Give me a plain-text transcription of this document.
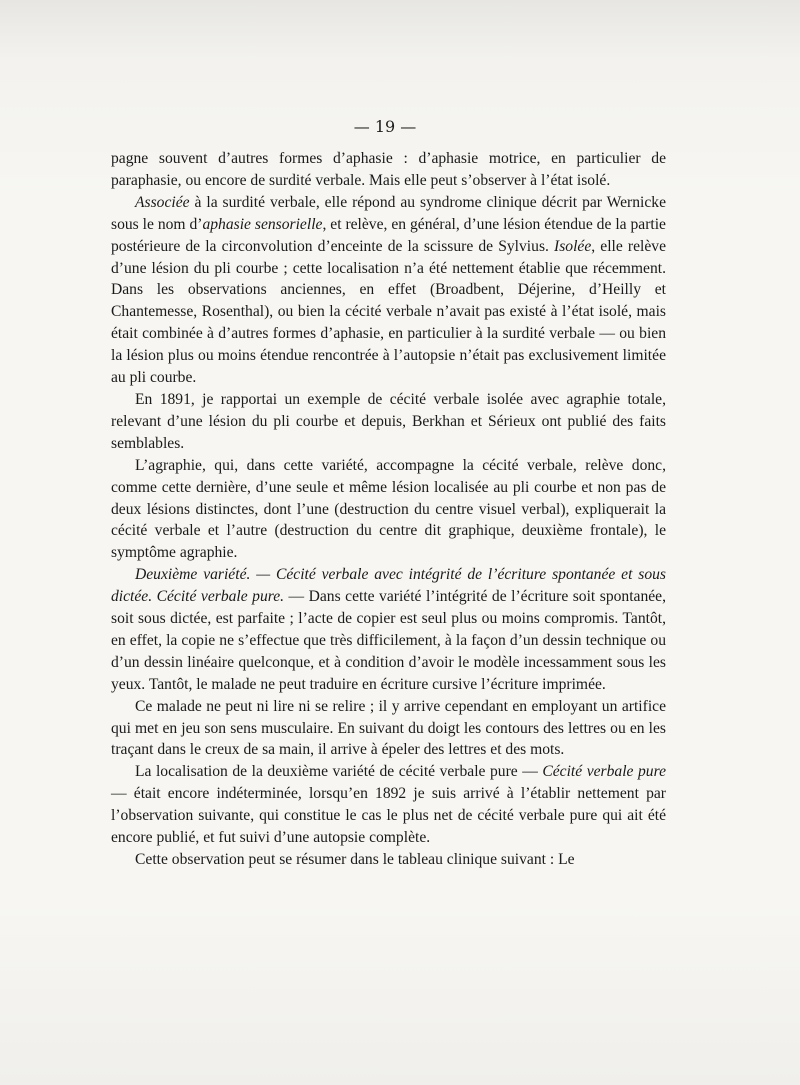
— 19 —

pagne souvent d’autres formes d’aphasie : d’aphasie motrice, en particulier de paraphasie, ou encore de surdité verbale. Mais elle peut s’observer à l’état isolé.

Associée à la surdité verbale, elle répond au syndrome clinique décrit par Wernicke sous le nom d’aphasie sensorielle, et relève, en général, d’une lésion étendue de la partie postérieure de la circonvolution d’enceinte de la scissure de Sylvius. Isolée, elle relève d’une lésion du pli courbe ; cette localisation n’a été nettement établie que récemment. Dans les observations anciennes, en effet (Broadbent, Déjerine, d’Heilly et Chantemesse, Rosenthal), ou bien la cécité verbale n’avait pas existé à l’état isolé, mais était combinée à d’autres formes d’aphasie, en particulier à la surdité verbale — ou bien la lésion plus ou moins étendue rencontrée à l’autopsie n’était pas exclusivement limitée au pli courbe.

En 1891, je rapportai un exemple de cécité verbale isolée avec agraphie totale, relevant d’une lésion du pli courbe et depuis, Berkhan et Sérieux ont publié des faits semblables.

L’agraphie, qui, dans cette variété, accompagne la cécité verbale, relève donc, comme cette dernière, d’une seule et même lésion localisée au pli courbe et non pas de deux lésions distinctes, dont l’une (destruction du centre visuel verbal), expliquerait la cécité verbale et l’autre (destruction du centre dit graphique, deuxième frontale), le symptôme agraphie.

Deuxième variété. — Cécité verbale avec intégrité de l’écriture spontanée et sous dictée. Cécité verbale pure. — Dans cette variété l’intégrité de l’écriture soit spontanée, soit sous dictée, est parfaite ; l’acte de copier est seul plus ou moins compromis. Tantôt, en effet, la copie ne s’effectue que très difficilement, à la façon d’un dessin technique ou d’un dessin linéaire quelconque, et à condition d’avoir le modèle incessamment sous les yeux. Tantôt, le malade ne peut traduire en écriture cursive l’écriture imprimée.

Ce malade ne peut ni lire ni se relire ; il y arrive cependant en employant un artifice qui met en jeu son sens musculaire. En suivant du doigt les contours des lettres ou en les traçant dans le creux de sa main, il arrive à épeler des lettres et des mots.

La localisation de la deuxième variété de cécité verbale pure — Cécité verbale pure — était encore indéterminée, lorsqu’en 1892 je suis arrivé à l’établir nettement par l’observation suivante, qui constitue le cas le plus net de cécité verbale pure qui ait été encore publié, et fut suivi d’une autopsie complète.

Cette observation peut se résumer dans le tableau clinique suivant : Le
